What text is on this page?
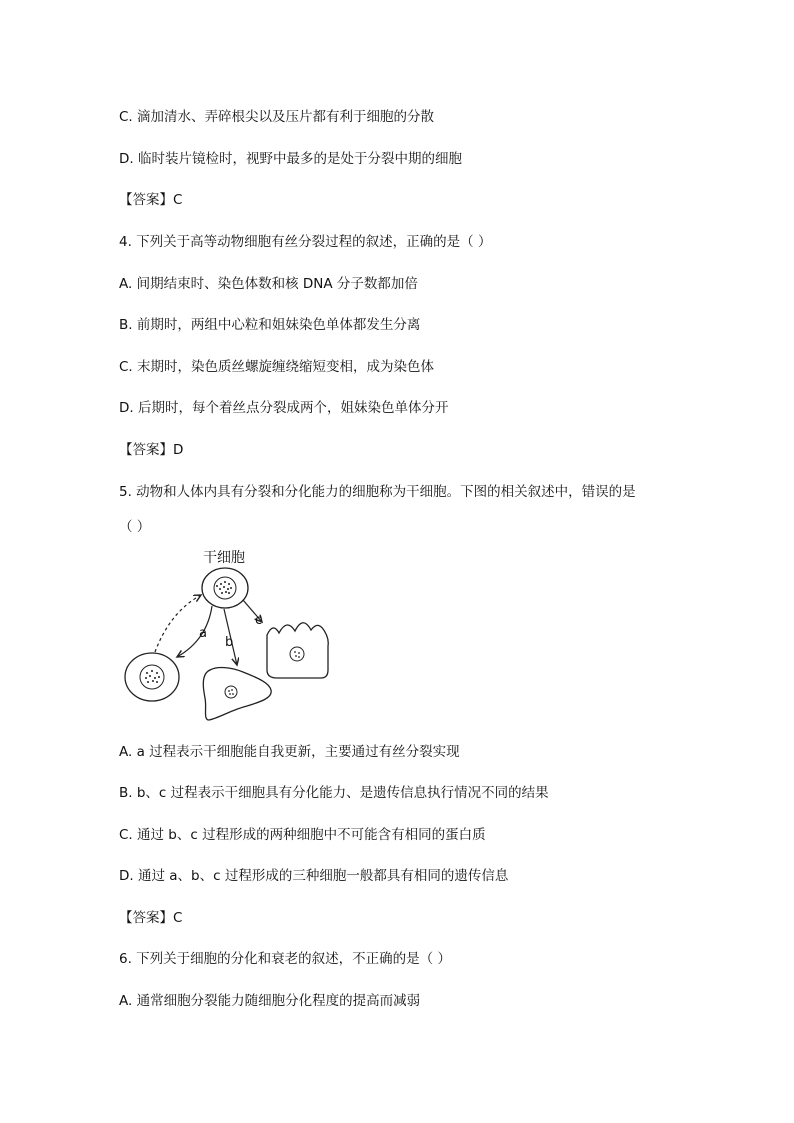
C. 滴加清水、弄碎根尖以及压片都有利于细胞的分散
D. 临时装片镜检时，视野中最多的是处于分裂中期的细胞
【答案】C
4. 下列关于高等动物细胞有丝分裂过程的叙述，正确的是（ ）
A. 间期结束时、染色体数和核 DNA 分子数都加倍
B. 前期时，两组中心粒和姐妹染色单体都发生分离
C. 末期时，染色质丝螺旋缠绕缩短变相，成为染色体
D. 后期时，每个着丝点分裂成两个，姐妹染色单体分开
【答案】D
5. 动物和人体内具有分裂和分化能力的细胞称为干细胞。下图的相关叙述中，错误的是
（ ）
干细胞
a
b
c
A. a 过程表示干细胞能自我更新，主要通过有丝分裂实现
B. b、c 过程表示干细胞具有分化能力、是遗传信息执行情况不同的结果
C. 通过 b、c 过程形成的两种细胞中不可能含有相同的蛋白质
D. 通过 a、b、c 过程形成的三种细胞一般都具有相同的遗传信息
【答案】C
6. 下列关于细胞的分化和衰老的叙述，不正确的是（ ）
A. 通常细胞分裂能力随细胞分化程度的提高而减弱
